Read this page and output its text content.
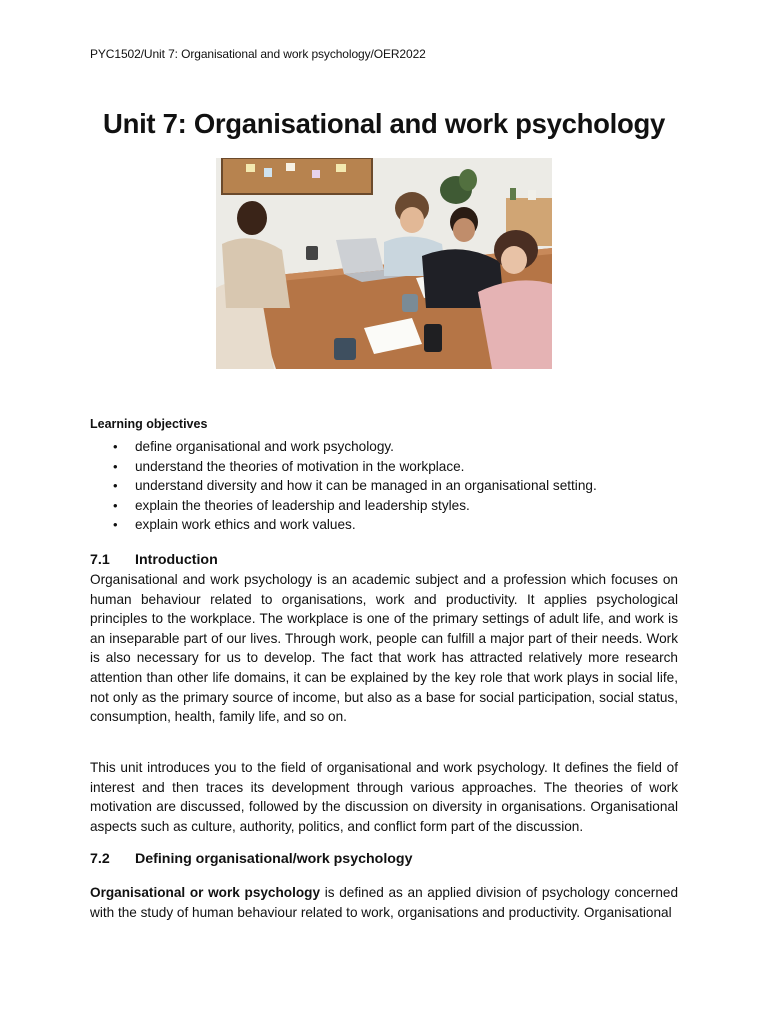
PYC1502/Unit 7: Organisational and work psychology/OER2022
Unit 7: Organisational and work psychology
Learning objectives
• define organisational and work psychology.
• understand the theories of motivation in the workplace.
• understand diversity and how it can be managed in an organisational setting.
• explain the theories of leadership and leadership styles.
• explain work ethics and work values.
7.1	Introduction

Organisational and work psychology is an academic subject and a profession which focuses on human behaviour related to organisations, work and productivity. It applies psychological principles to the workplace. The workplace is one of the primary settings of adult life, and work is an inseparable part of our lives. Through work, people can fulfill a major part of their needs. Work is also necessary for us to develop. The fact that work has attracted relatively more research attention than other life domains, it can be explained by the key role that work plays in social life, not only as the primary source of income, but also as a base for social participation, social status, consumption, health, family life, and so on.

This unit introduces you to the field of organisational and work psychology. It defines the field of interest and then traces its development through various approaches. The theories of work motivation are discussed, followed by the discussion on diversity in organisations. Organisational aspects such as culture, authority, politics, and conflict form part of the discussion.

7.2	Defining organisational/work psychology

Organisational or work psychology is defined as an applied division of psychology concerned with the study of human behaviour related to work, organisations and productivity. Organisational
